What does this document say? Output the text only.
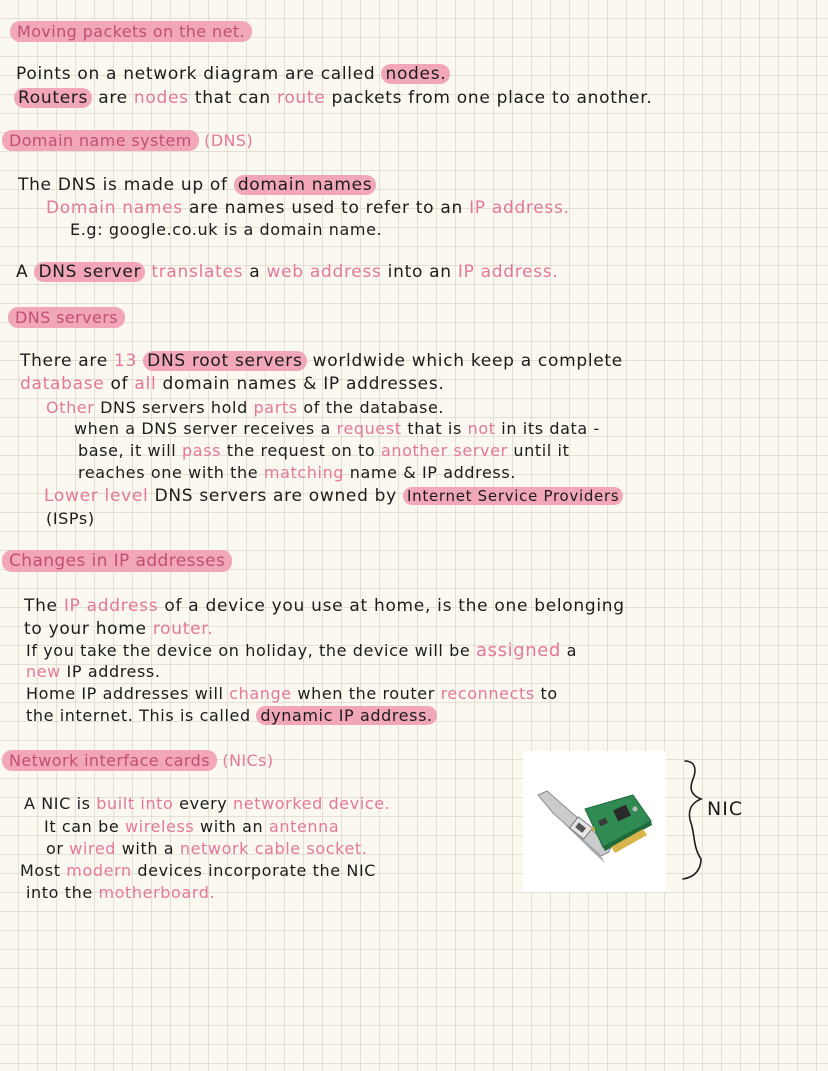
Moving packets on the net.
Points on a network diagram are called nodes.
Routers are nodes that can route packets from one place to another.
Domain name system (DNS)
The DNS is made up of domain names
Domain names are names used to refer to an IP address.
E.g: google.co.uk is a domain name.
A DNS server translates a web address into an IP address.
DNS servers
There are 13 DNS root servers worldwide which keep a complete
database of all domain names & IP addresses.
Other DNS servers hold parts of the database.
when a DNS server receives a request that is not in its data -
base, it will pass the request on to another server until it
reaches one with the matching name & IP address.
Lower level DNS servers are owned by Internet Service Providers
(ISPs)
Changes in IP addresses
The IP address of a device you use at home, is the one belonging
to your home router.
If you take the device on holiday, the device will be assigned a
new IP address.
Home IP addresses will change when the router reconnects to
the internet. This is called dynamic IP address.
Network interface cards (NICs)
A NIC is built into every networked device.
It can be wireless with an antenna
or wired with a network cable socket.
Most modern devices incorporate the NIC
into the motherboard.
NIC
